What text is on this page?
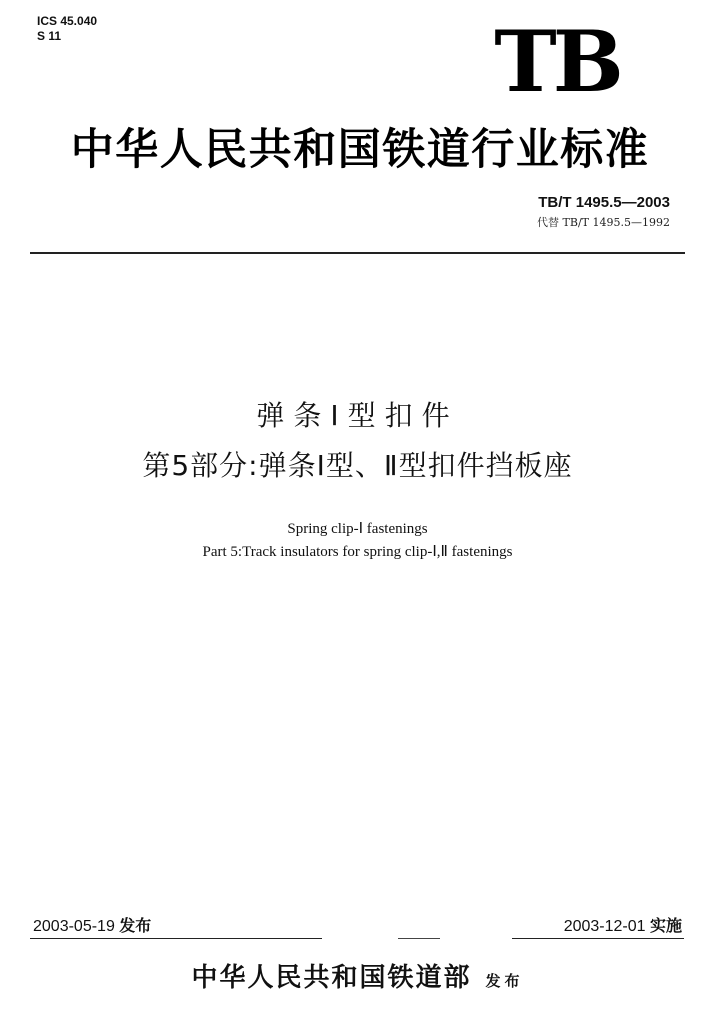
ICS 45.040
S 11	TB
中华人民共和国铁道行业标准
TB/T 1495.5—2003
代替 TB/T 1495.5—1992
弹条Ⅰ型扣件
第5部分:弹条Ⅰ型、Ⅱ型扣件挡板座
Spring clip-Ⅰ fastenings
Part 5:Track insulators for spring clip-Ⅰ,Ⅱ fastenings
2003-05-19 发布	2003-12-01 实施
中华人民共和国铁道部 发布
